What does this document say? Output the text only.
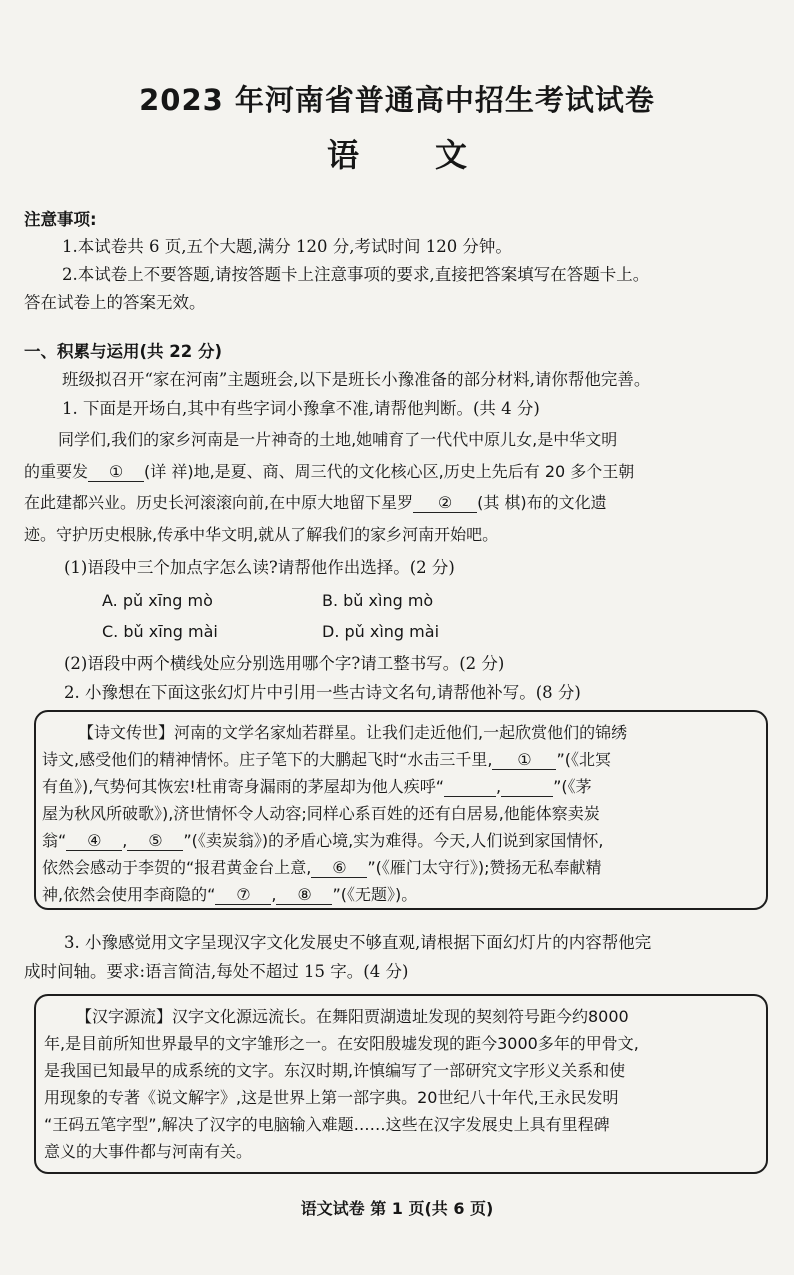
2023 年河南省普通高中招生考试试卷
语 文
注意事项:
1.本试卷共 6 页,五个大题,满分 120 分,考试时间 120 分钟。
2.本试卷上不要答题,请按答题卡上注意事项的要求,直接把答案填写在答题卡上。
答在试卷上的答案无效。
一、积累与运用(共 22 分)
班级拟召开“家在河南”主题班会,以下是班长小豫准备的部分材料,请你帮他完善。
1. 下面是开场白,其中有些字词小豫拿不准,请帮他判断。(共 4 分)
同学们,我们的家乡河南是一片神奇的土地,她哺育了一代代中原儿女,是中华文明
的重要发 ① (详 祥)地,是夏、商、周三代的文化核心区,历史上先后有 20 多个王朝
在此建都兴业。历史长河滚滚向前,在中原大地留下星罗 ② (其 棋)布的文化遗
迹。守护历史根脉,传承中华文明,就从了解我们的家乡河南开始吧。
(1)语段中三个加点字怎么读?请帮他作出选择。(2 分)
A. pǔ xīng mò	B. bǔ xìng mò
C. bǔ xīng mài	D. pǔ xìng mài
(2)语段中两个横线处应分别选用哪个字?请工整书写。(2 分)
2. 小豫想在下面这张幻灯片中引用一些古诗文名句,请帮他补写。(8 分)
【诗文传世】河南的文学名家灿若群星。让我们走近他们,一起欣赏他们的锦绣
诗文,感受他们的精神情怀。庄子笔下的大鹏起飞时“水击三千里, ① ”(《北冥
有鱼》),气势何其恢宏!杜甫寄身漏雨的茅屋却为他人疾呼“	,	”(《茅
屋为秋风所破歌》),济世情怀令人动容;同样心系百姓的还有白居易,他能体察卖炭
翁“ ④ , ⑤ ”(《卖炭翁》)的矛盾心境,实为难得。今天,人们说到家国情怀,
依然会感动于李贺的“报君黄金台上意, ⑥ ”(《雁门太守行》);赞扬无私奉献精
神,依然会使用李商隐的“ ⑦ , ⑧ ”(《无题》)。
3. 小豫感觉用文字呈现汉字文化发展史不够直观,请根据下面幻灯片的内容帮他完
成时间轴。要求:语言简洁,每处不超过 15 字。(4 分)
【汉字源流】汉字文化源远流长。在舞阳贾湖遗址发现的契刻符号距今约8000
年,是目前所知世界最早的文字雏形之一。在安阳殷墟发现的距今3000多年的甲骨文,
是我国已知最早的成系统的文字。东汉时期,许慎编写了一部研究文字形义关系和使
用现象的专著《说文解字》,这是世界上第一部字典。20世纪八十年代,王永民发明
“王码五笔字型”,解决了汉字的电脑输入难题……这些在汉字发展史上具有里程碑
意义的大事件都与河南有关。
语文试卷 第 1 页(共 6 页)
